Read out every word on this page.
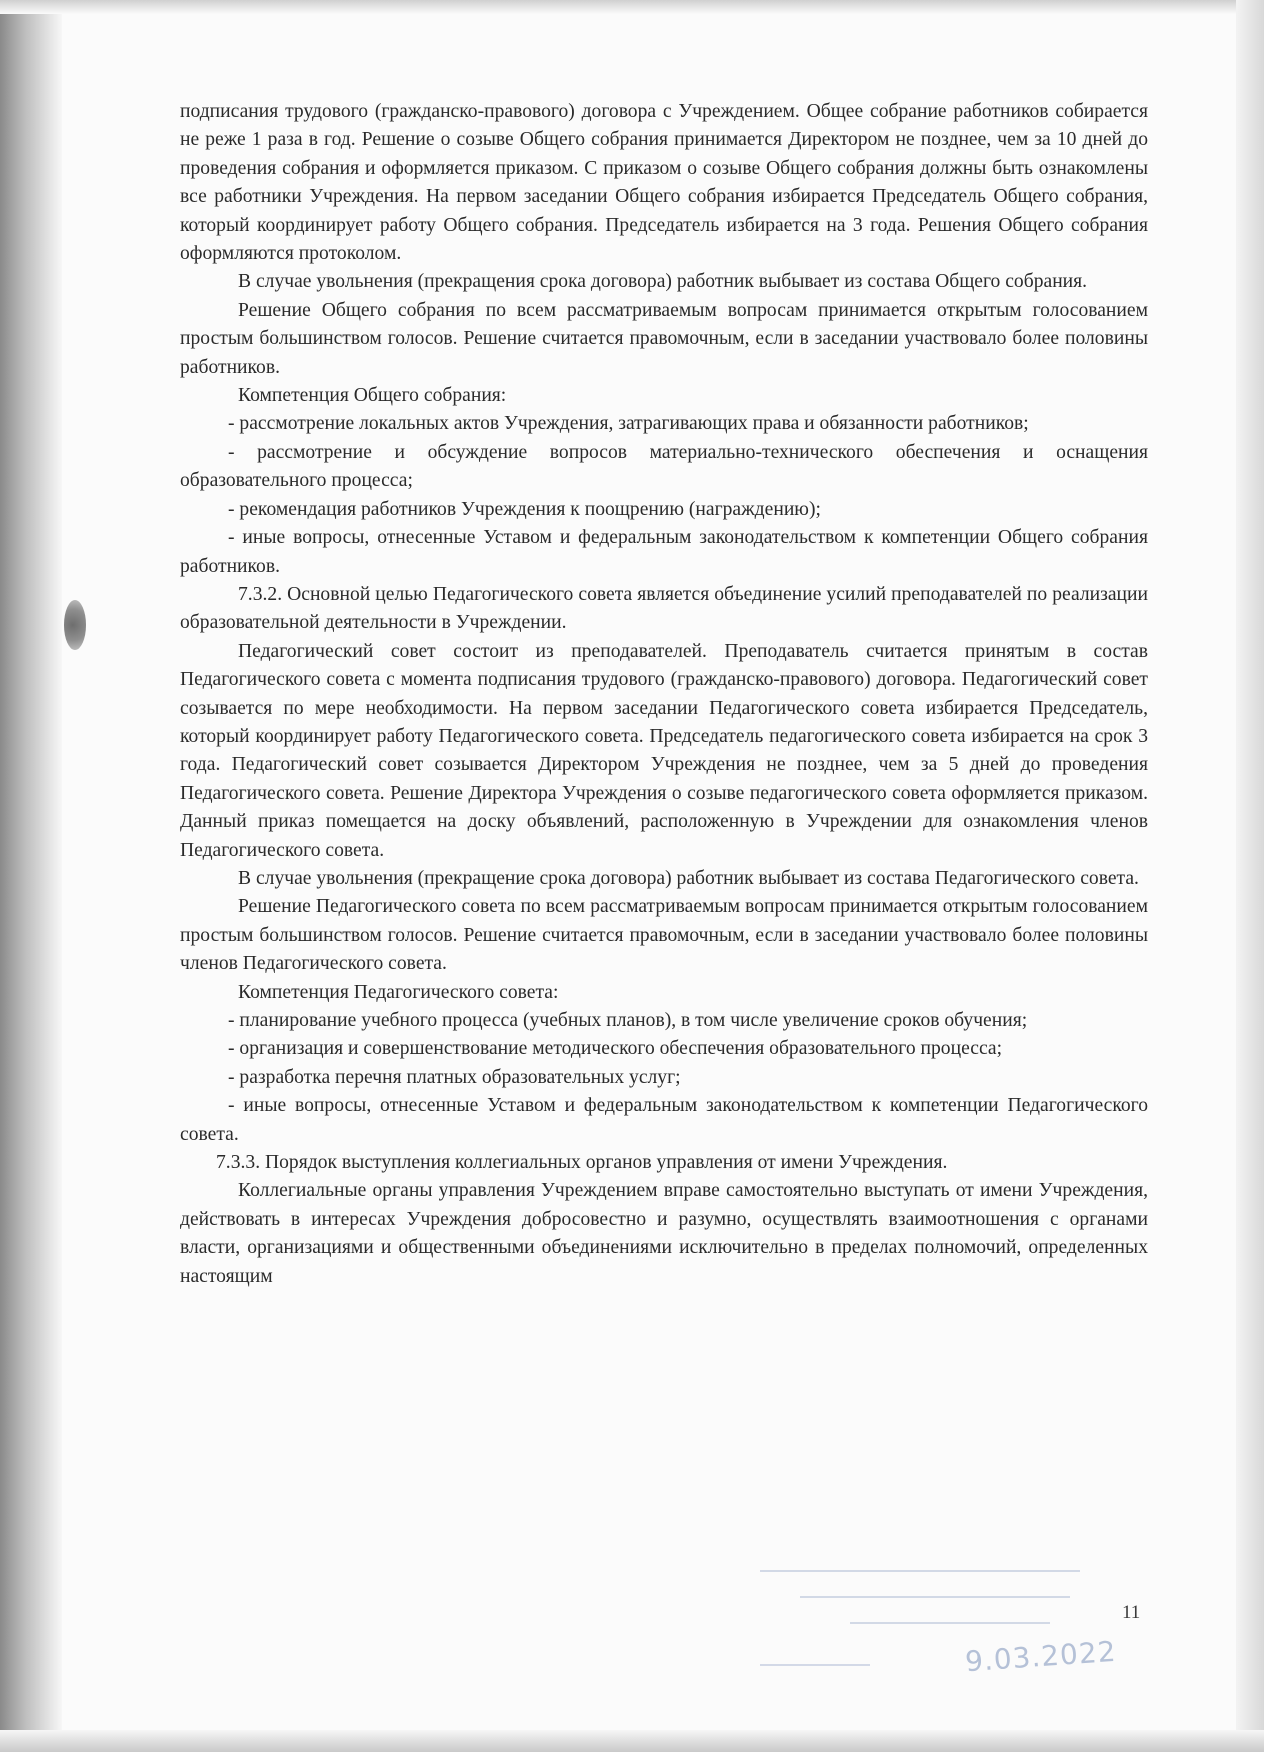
подписания трудового (гражданско-правового) договора с Учреждением. Общее собрание работников собирается не реже 1 раза в год. Решение о созыве Общего собрания принимается Директором не позднее, чем за 10 дней до проведения собрания и оформляется приказом. С приказом о созыве Общего собрания должны быть ознакомлены все работники Учреждения. На первом заседании Общего собрания избирается Председатель Общего собрания, который координирует работу Общего собрания. Председатель избирается на 3 года. Решения Общего собрания оформляются протоколом.

В случае увольнения (прекращения срока договора) работник выбывает из состава Общего собрания.

Решение Общего собрания по всем рассматриваемым вопросам принимается открытым голосованием простым большинством голосов. Решение считается правомочным, если в заседании участвовало более половины работников.

Компетенция Общего собрания:

- рассмотрение локальных актов Учреждения, затрагивающих права и обязанности работников;

- рассмотрение и обсуждение вопросов материально-технического обеспечения и оснащения образовательного процесса;

- рекомендация работников Учреждения к поощрению (награждению);

- иные вопросы, отнесенные Уставом и федеральным законодательством к компетенции Общего собрания работников.

7.3.2. Основной целью Педагогического совета является объединение усилий преподавателей по реализации образовательной деятельности в Учреждении.

Педагогический совет состоит из преподавателей. Преподаватель считается принятым в состав Педагогического совета с момента подписания трудового (гражданско-правового) договора. Педагогический совет созывается по мере необходимости. На первом заседании Педагогического совета избирается Председатель, который координирует работу Педагогического совета. Председатель педагогического совета избирается на срок 3 года. Педагогический совет созывается Директором Учреждения не позднее, чем за 5 дней до проведения Педагогического совета. Решение Директора Учреждения о созыве педагогического совета оформляется приказом. Данный приказ помещается на доску объявлений, расположенную в Учреждении для ознакомления членов Педагогического совета.

В случае увольнения (прекращение срока договора) работник выбывает из состава Педагогического совета.

Решение Педагогического совета по всем рассматриваемым вопросам принимается открытым голосованием простым большинством голосов. Решение считается правомочным, если в заседании участвовало более половины членов Педагогического совета.

Компетенция Педагогического совета:

- планирование учебного процесса (учебных планов), в том числе увеличение сроков обучения;

- организация и совершенствование методического обеспечения образовательного процесса;

- разработка перечня платных образовательных услуг;

- иные вопросы, отнесенные Уставом и федеральным законодательством к компетенции Педагогического совета.

7.3.3. Порядок выступления коллегиальных органов управления от имени Учреждения.

Коллегиальные органы управления Учреждением вправе самостоятельно выступать от имени Учреждения, действовать в интересах Учреждения добросовестно и разумно, осуществлять взаимоотношения с органами власти, организациями и общественными объединениями исключительно в пределах полномочий, определенных настоящим

11
9.03.2022
